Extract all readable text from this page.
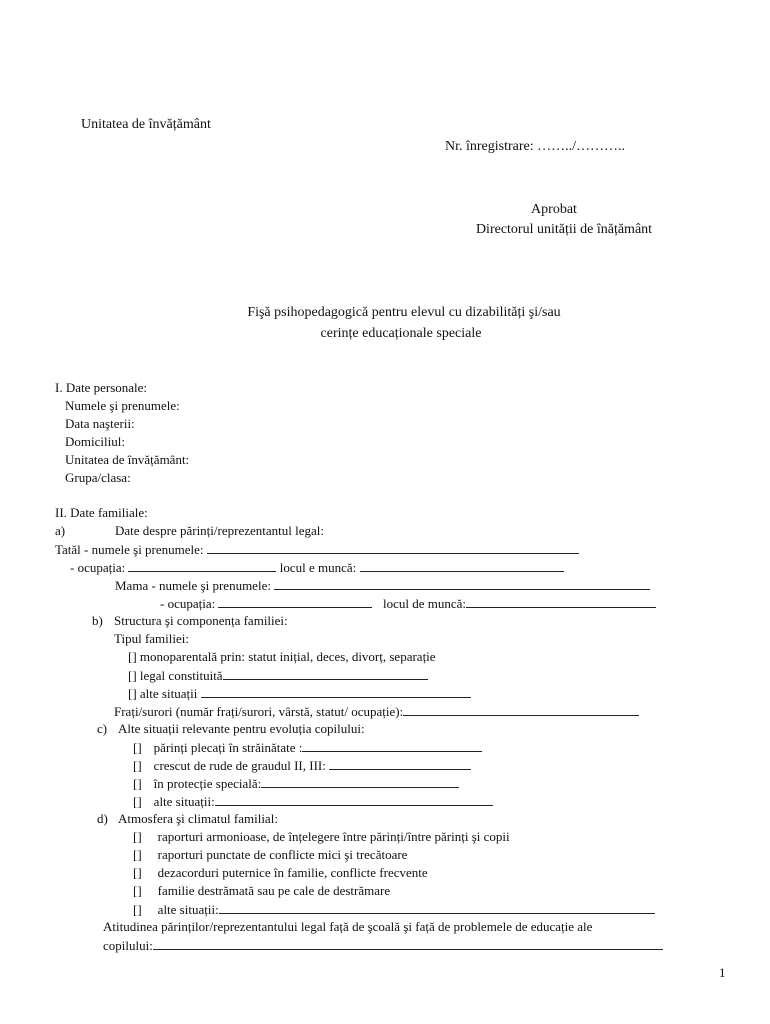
Unitatea de învățământ
Nr. înregistrare: ……../………..
Aprobat
Directorul unității de înățământ
Fişă psihopedagogică pentru elevul cu dizabilități şi/sau
cerințe educaționale speciale
I. Date personale:
Numele şi prenumele:
Data naşterii:
Domiciliul:
Unitatea de învățământ:
Grupa/clasa:
II. Date familiale:
a)	Date despre părinți/reprezentantul legal:
Tatăl - numele şi prenumele:
- ocupația:	locul e muncă:
Mama - numele şi prenumele:
- ocupația:	locul de muncă:
b) Structura şi componența familiei:
Tipul familiei:
[] monoparentală prin: statut inițial, deces, divorț, separație
[] legal constituită
[] alte situații
Frați/surori (număr frați/surori, vârstă, statut/ ocupație):
c) Alte situații relevante pentru evoluția copilului:
[] părinți plecați în străinătate :
[] crescut de rude de graudul II, III:
[] în protecție specială:
[] alte situații:
d) Atmosfera şi climatul familial:
[] raporturi armonioase, de înțelegere între părinți/între părinți şi copii
[] raporturi punctate de conflicte mici şi trecătoare
[] dezacorduri puternice în familie, conflicte frecvente
[] familie destrămată sau pe cale de destrămare
[] alte situații:
Atitudinea părinților/reprezentantului legal față de şcoală şi față de problemele de educație ale
copilului:
1
